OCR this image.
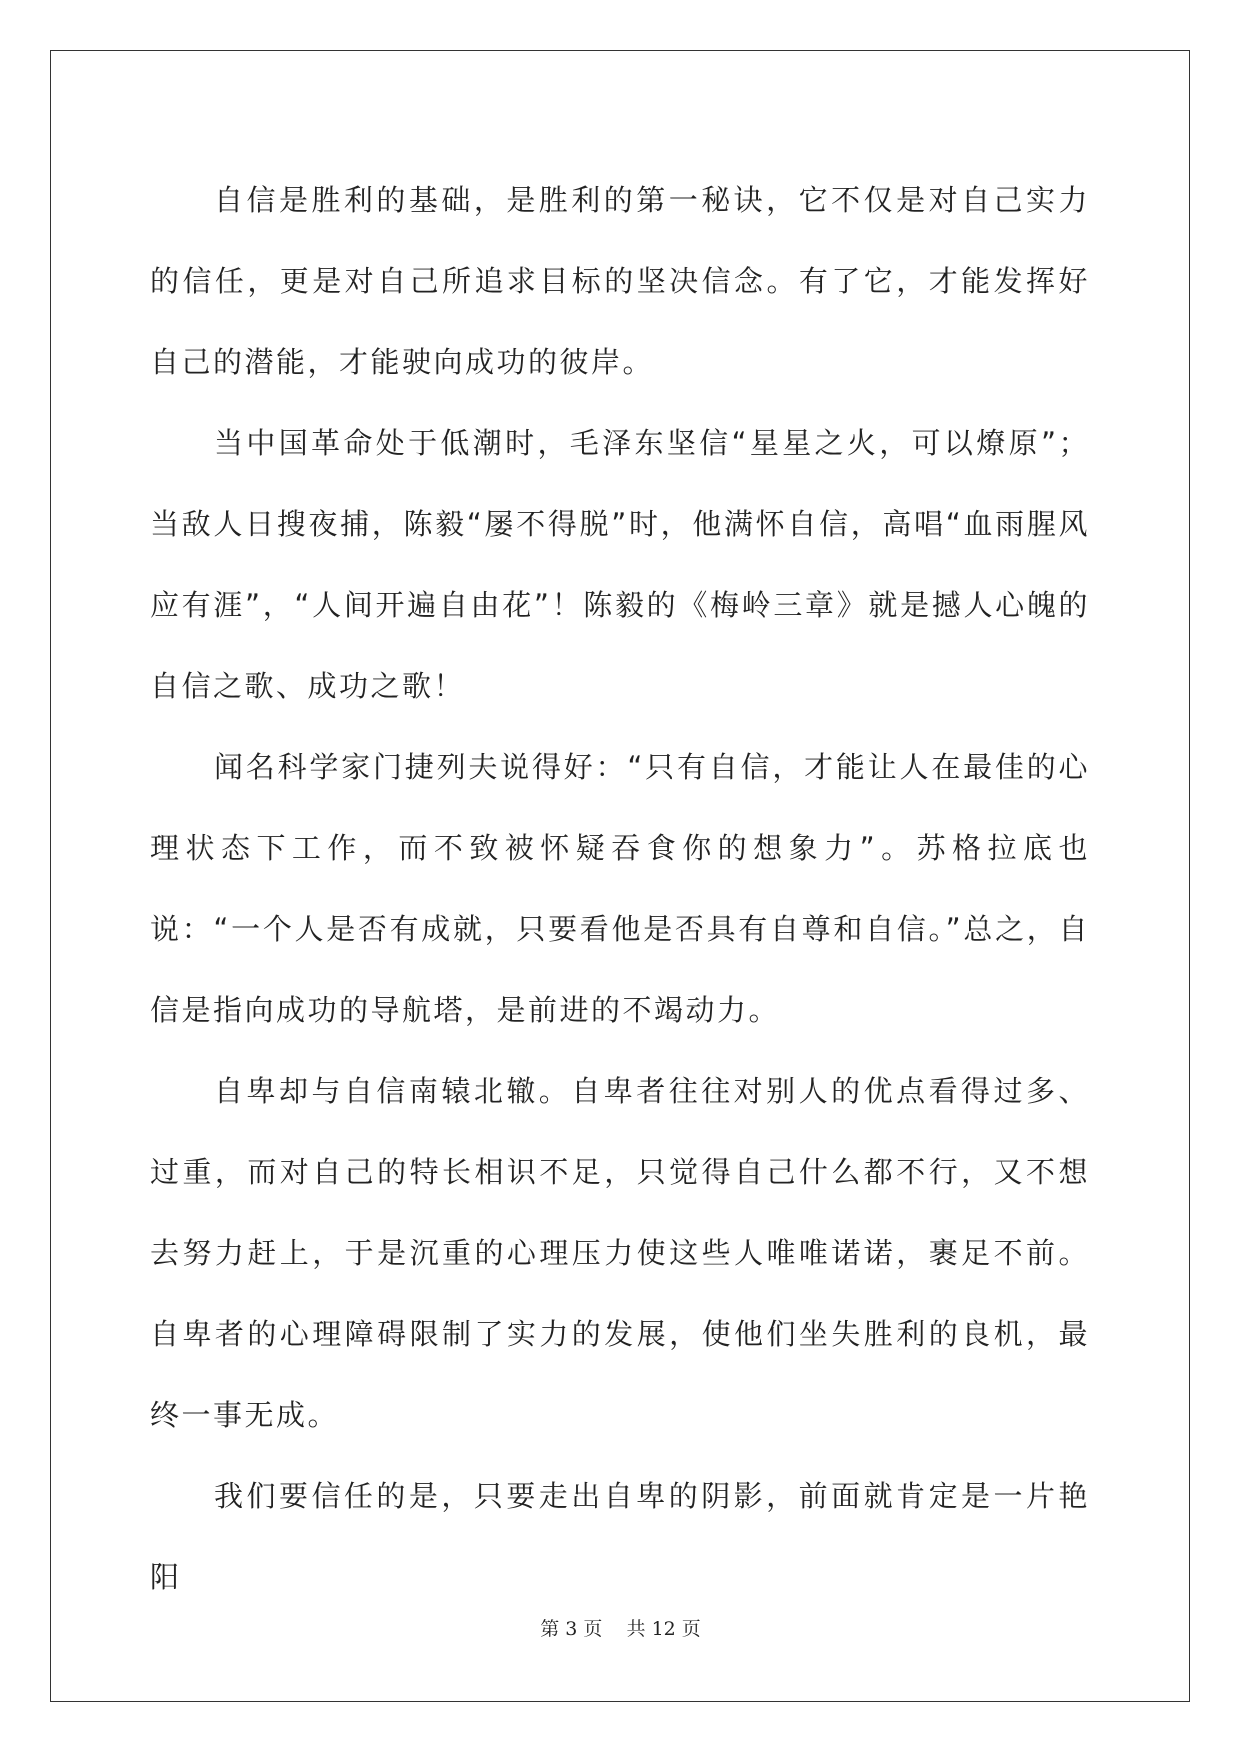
自信是胜利的基础，是胜利的第一秘诀，它不仅是对自己实力的信任，更是对自己所追求目标的坚决信念。有了它，才能发挥好自己的潜能，才能驶向成功的彼岸。

当中国革命处于低潮时，毛泽东坚信“星星之火，可以燎原”；当敌人日搜夜捕，陈毅“屡不得脱”时，他满怀自信，高唱“血雨腥风应有涯”，“人间开遍自由花”！陈毅的《梅岭三章》就是撼人心魄的自信之歌、成功之歌！

闻名科学家门捷列夫说得好：“只有自信，才能让人在最佳的心理状态下工作，而不致被怀疑吞食你的想象力”。苏格拉底也说：“一个人是否有成就，只要看他是否具有自尊和自信。”总之，自信是指向成功的导航塔，是前进的不竭动力。

自卑却与自信南辕北辙。自卑者往往对别人的优点看得过多、过重，而对自己的特长相识不足，只觉得自己什么都不行，又不想去努力赶上，于是沉重的心理压力使这些人唯唯诺诺，裹足不前。自卑者的心理障碍限制了实力的发展，使他们坐失胜利的良机，最终一事无成。

我们要信任的是，只要走出自卑的阴影，前面就肯定是一片艳阳

第 3 页    共 12 页
